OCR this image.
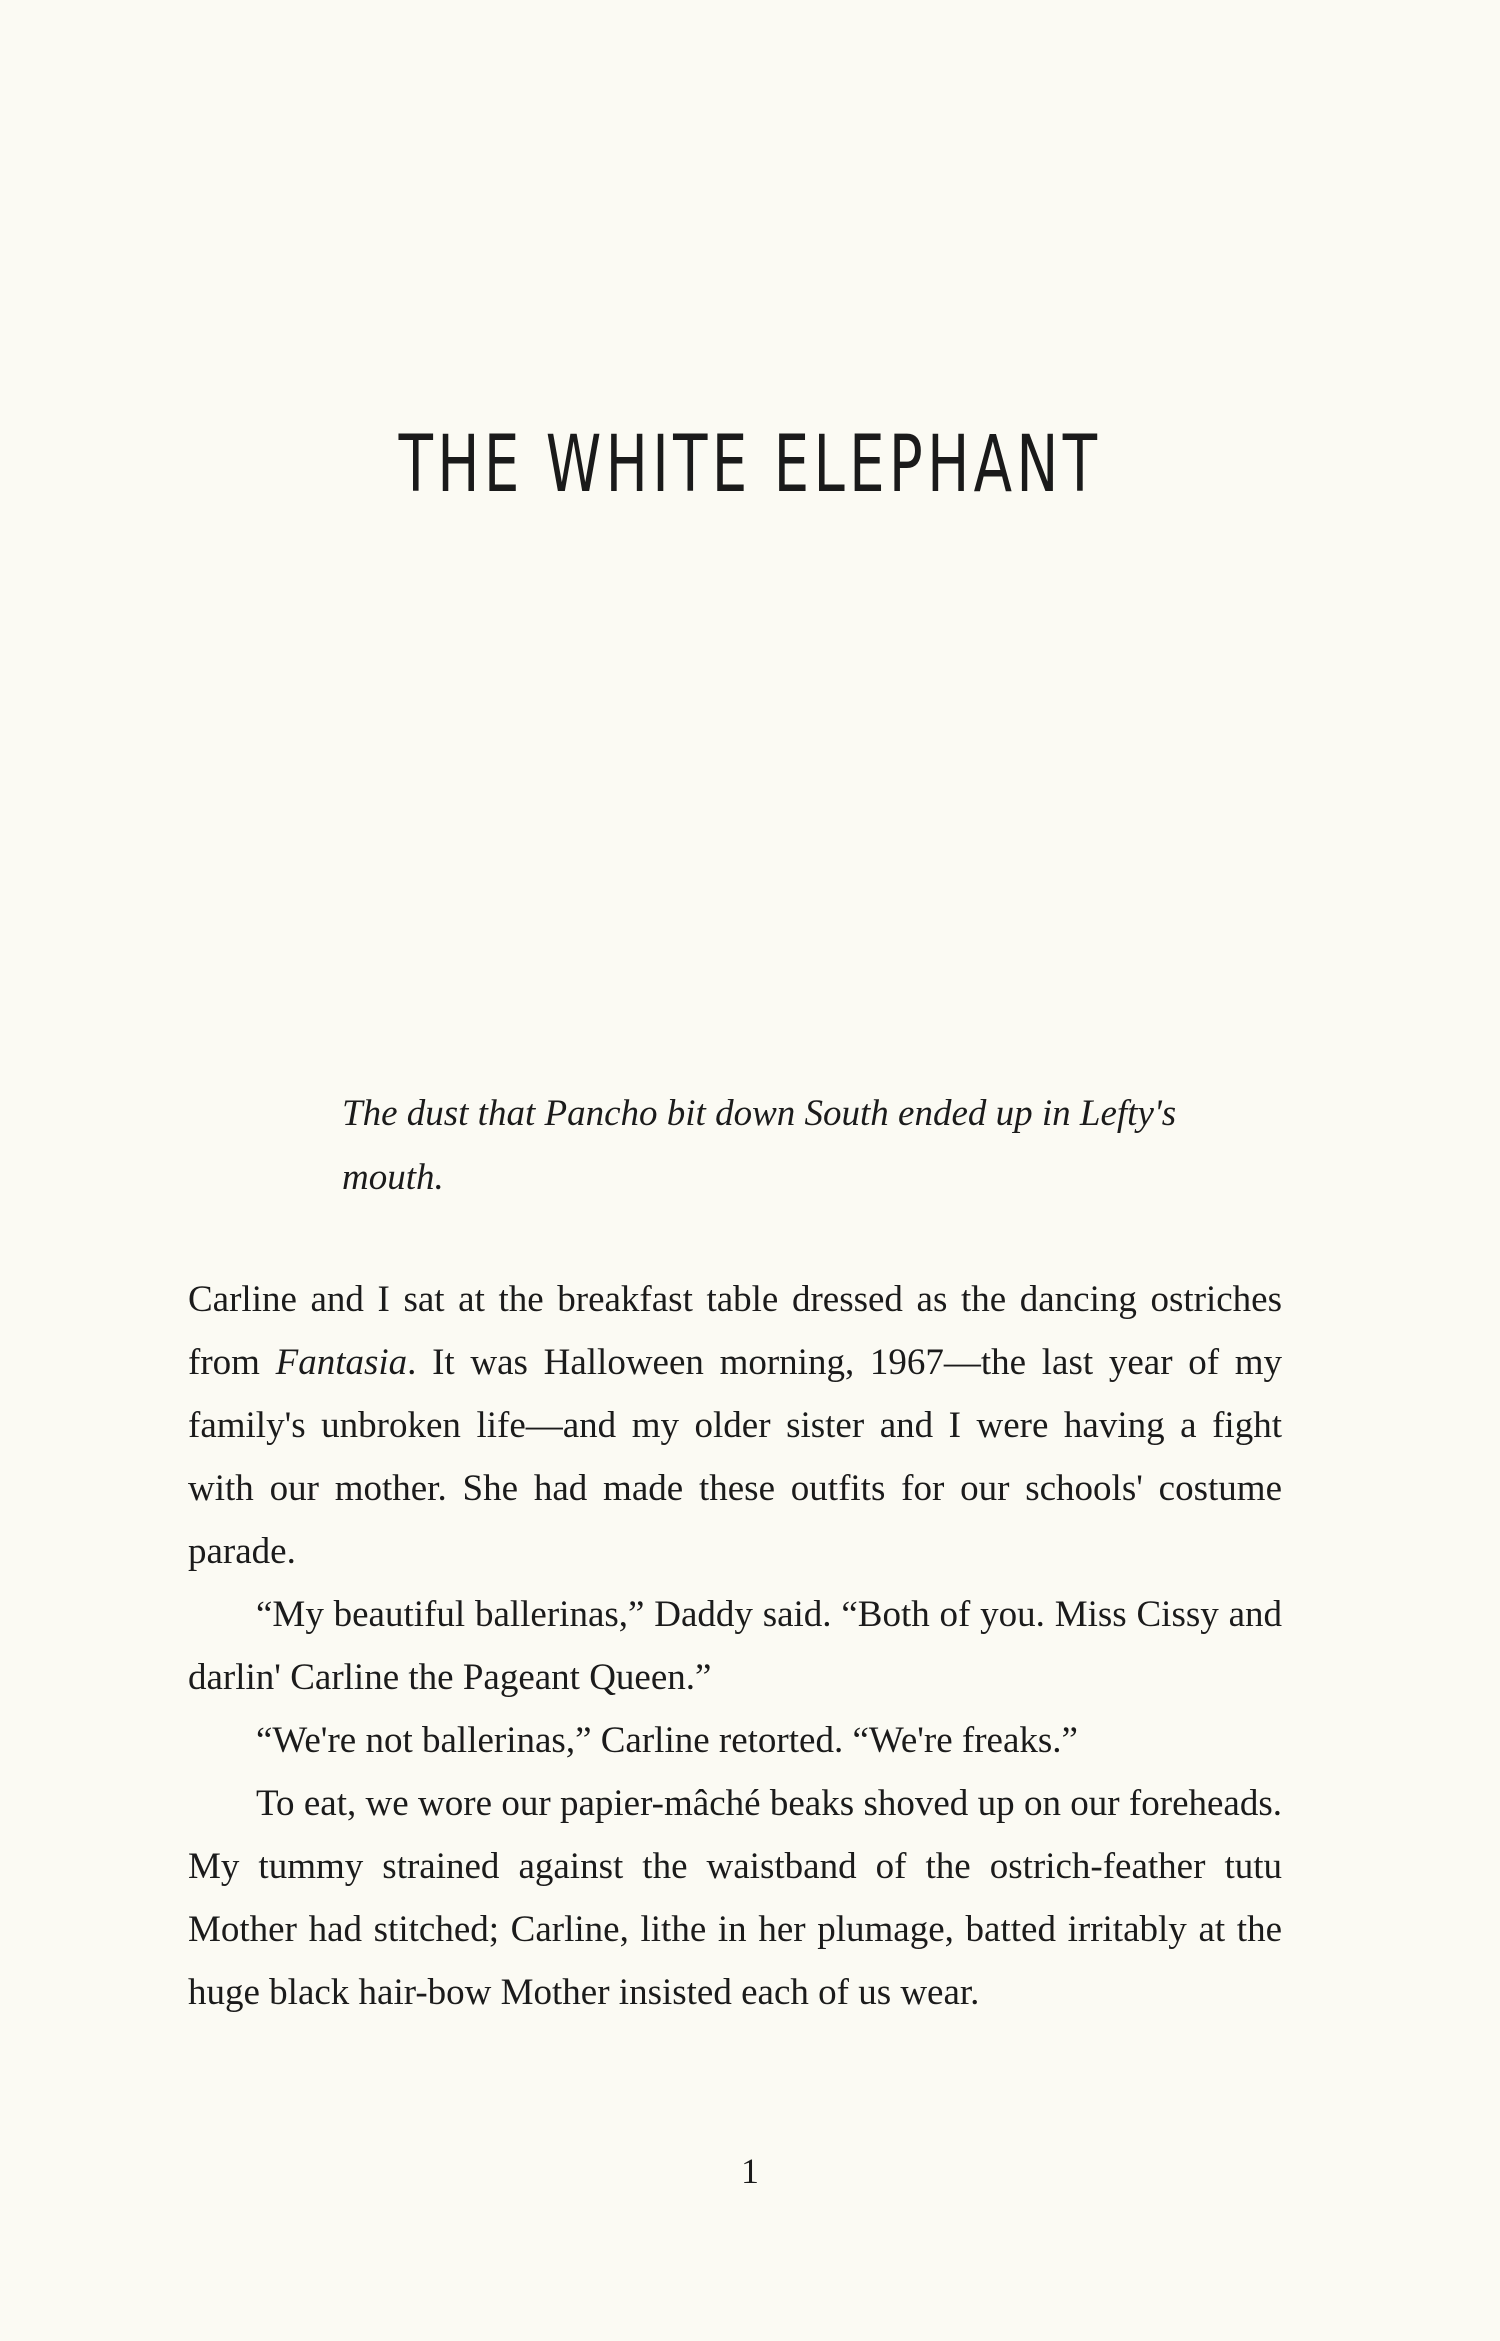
THE WHITE ELEPHANT

The dust that Pancho bit down South ended up in Lefty's mouth.

Carline and I sat at the breakfast table dressed as the dancing ostriches from Fantasia. It was Halloween morning, 1967—the last year of my family's unbroken life—and my older sister and I were having a fight with our mother. She had made these outfits for our schools' costume parade.

“My beautiful ballerinas,” Daddy said. “Both of you. Miss Cissy and darlin' Carline the Pageant Queen.”

“We're not ballerinas,” Carline retorted. “We're freaks.”

To eat, we wore our papier-mâché beaks shoved up on our foreheads. My tummy strained against the waistband of the ostrich-feather tutu Mother had stitched; Carline, lithe in her plumage, batted irritably at the huge black hair-bow Mother insisted each of us wear.

1
